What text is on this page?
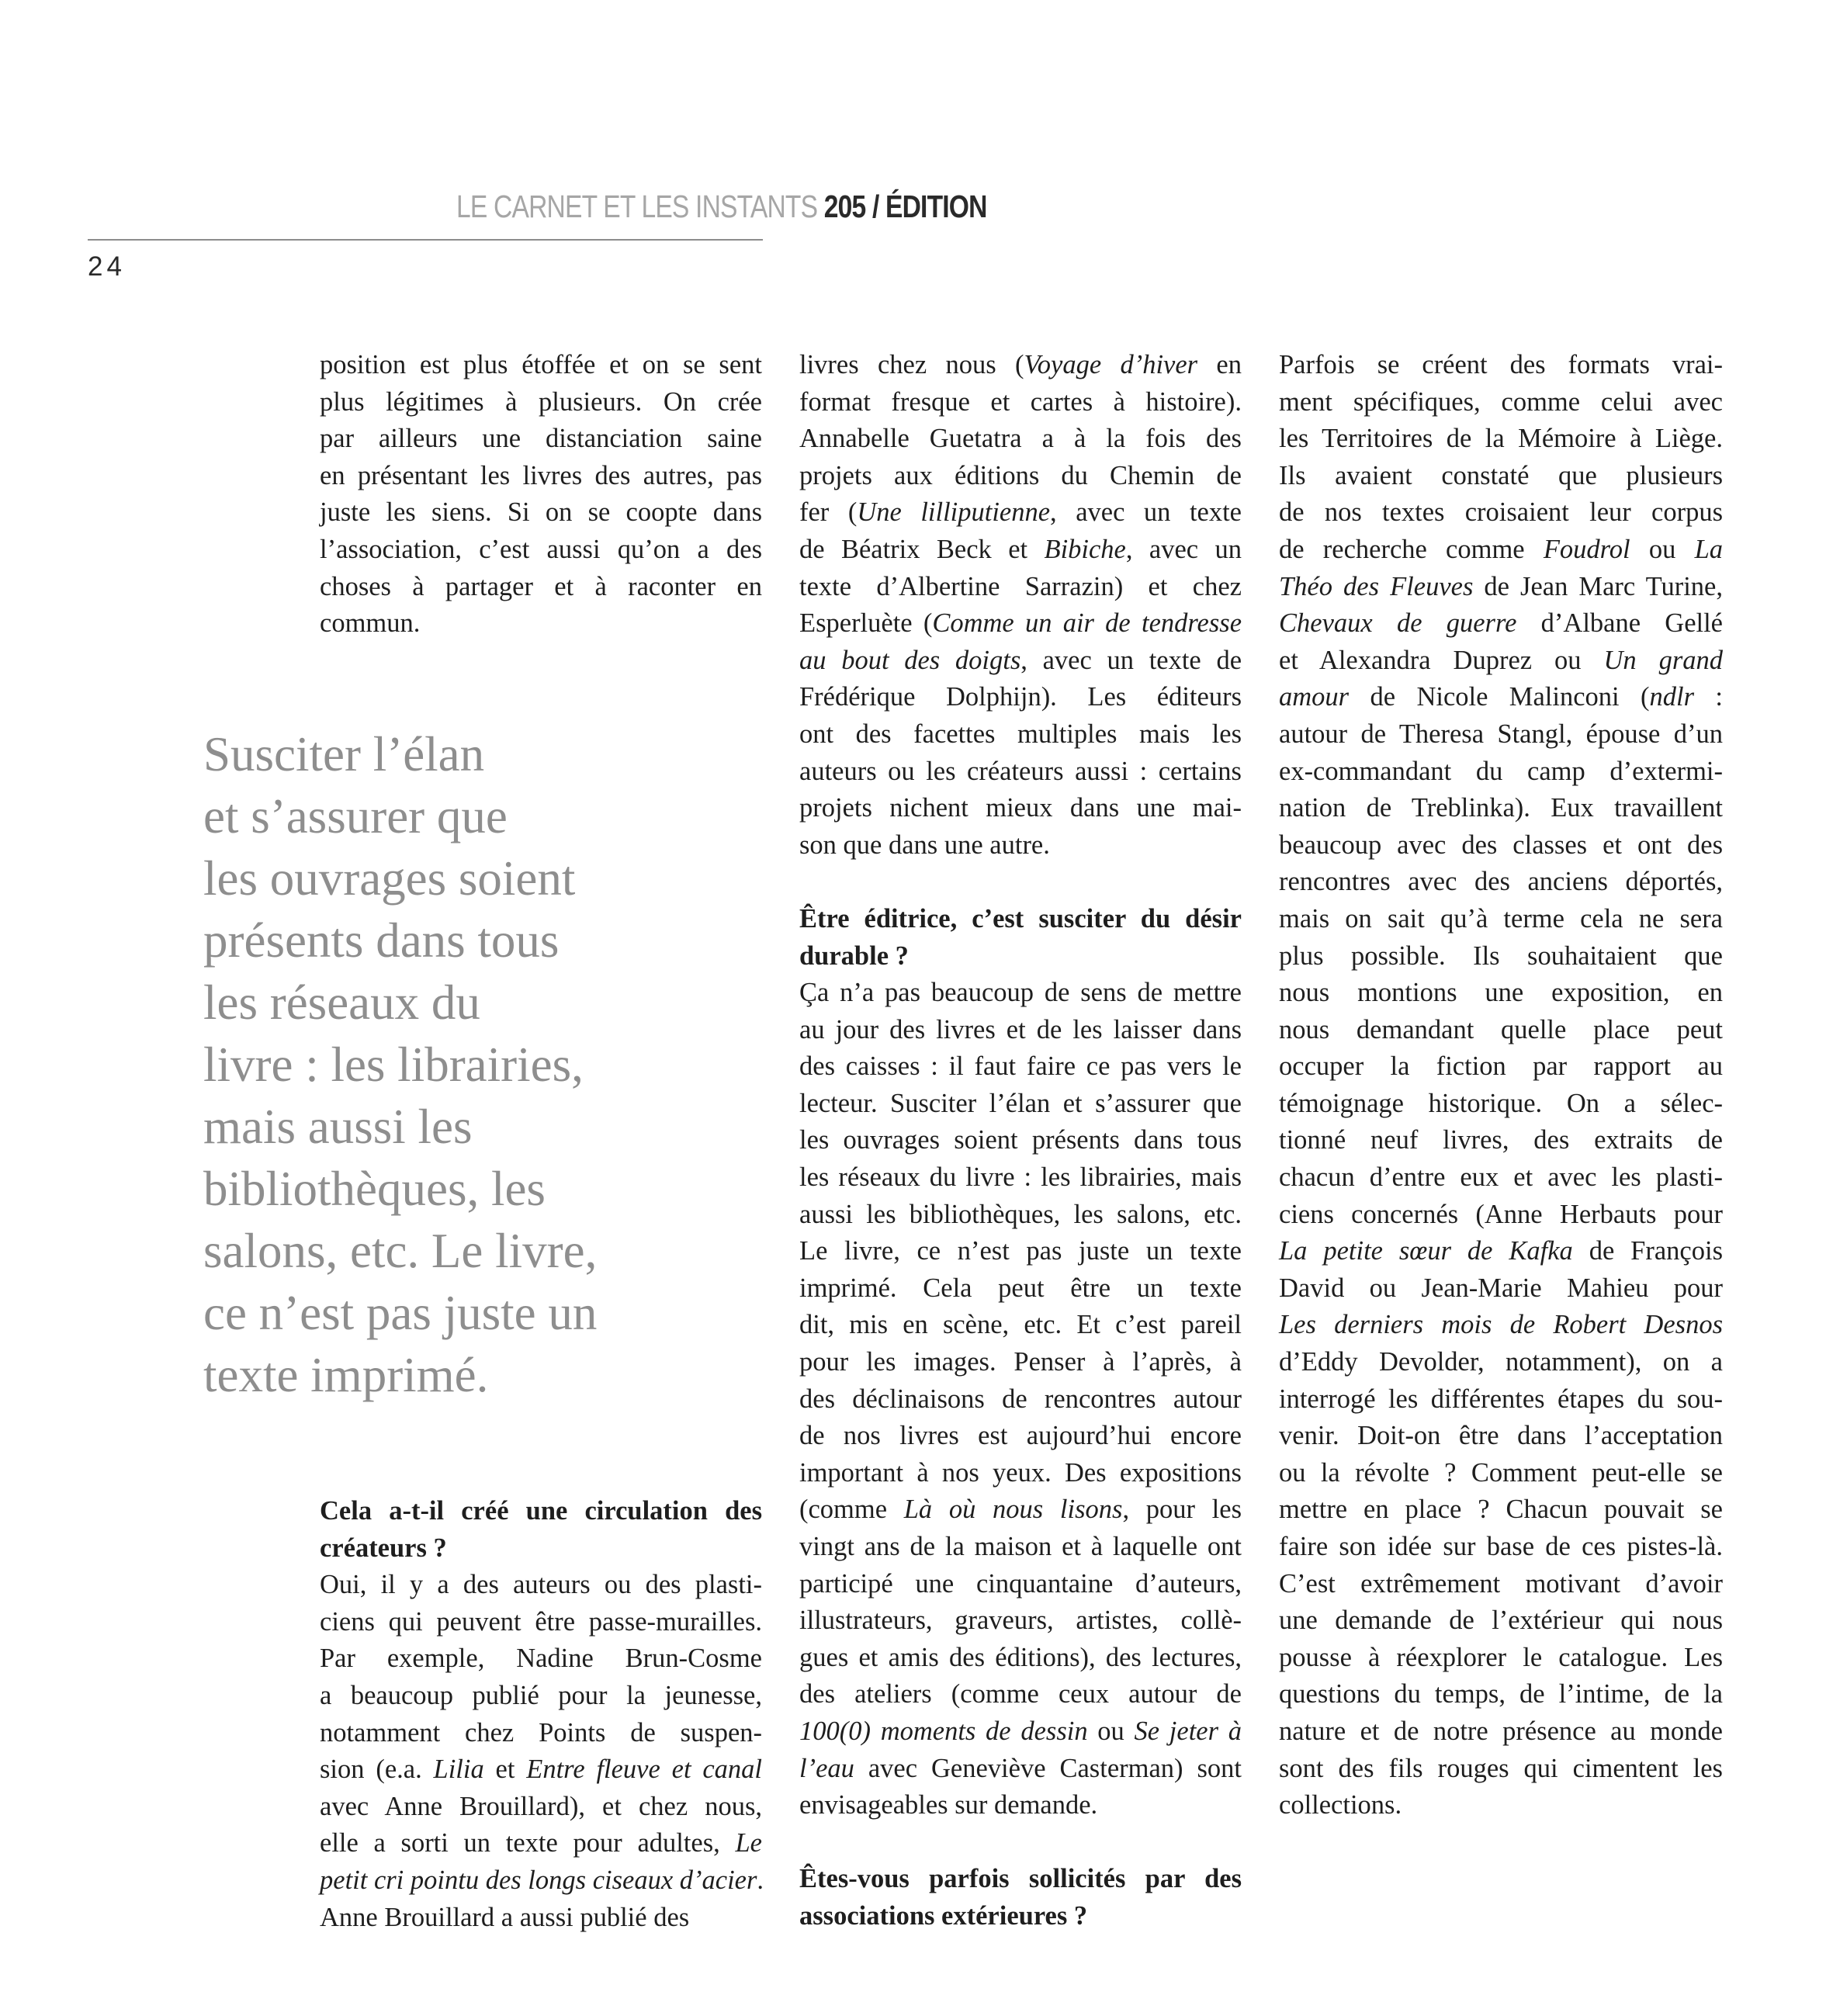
LE CARNET ET LES INSTANTS 205 / ÉDITION
24
position est plus étoffée et on se sent
plus légitimes à plusieurs. On crée
par ailleurs une distanciation saine
en présentant les livres des autres, pas
juste les siens. Si on se coopte dans
l’association, c’est aussi qu’on a des
choses à partager et à raconter en
commun.
Susciter l’élan
et s’assurer que
les ouvrages soient
présents dans tous
les réseaux du
livre : les librairies,
mais aussi les
bibliothèques, les
salons, etc. Le livre,
ce n’est pas juste un
texte imprimé.
Cela a-t-il créé une circulation des
créateurs ?
Oui, il y a des auteurs ou des plasti-
ciens qui peuvent être passe-murailles.
Par exemple, Nadine Brun-Cosme
a beaucoup publié pour la jeunesse,
notamment chez Points de suspen-
sion (e.a. Lilia et Entre fleuve et canal
avec Anne Brouillard), et chez nous,
elle a sorti un texte pour adultes, Le
petit cri pointu des longs ciseaux d’acier.
Anne Brouillard a aussi publié des
livres chez nous (Voyage d’hiver en
format fresque et cartes à histoire).
Annabelle Guetatra a à la fois des
projets aux éditions du Chemin de
fer (Une lilliputienne, avec un texte
de Béatrix Beck et Bibiche, avec un
texte d’Albertine Sarrazin) et chez
Esperluète (Comme un air de tendresse
au bout des doigts, avec un texte de
Frédérique Dolphijn). Les éditeurs
ont des facettes multiples mais les
auteurs ou les créateurs aussi : certains
projets nichent mieux dans une mai-
son que dans une autre.
Être éditrice, c’est susciter du désir
durable ?
Ça n’a pas beaucoup de sens de mettre
au jour des livres et de les laisser dans
des caisses : il faut faire ce pas vers le
lecteur. Susciter l’élan et s’assurer que
les ouvrages soient présents dans tous
les réseaux du livre : les librairies, mais
aussi les bibliothèques, les salons, etc.
Le livre, ce n’est pas juste un texte
imprimé. Cela peut être un texte
dit, mis en scène, etc. Et c’est pareil
pour les images. Penser à l’après, à
des déclinaisons de rencontres autour
de nos livres est aujourd’hui encore
important à nos yeux. Des expositions
(comme Là où nous lisons, pour les
vingt ans de la maison et à laquelle ont
participé une cinquantaine d’auteurs,
illustrateurs, graveurs, artistes, collè-
gues et amis des éditions), des lectures,
des ateliers (comme ceux autour de
100(0) moments de dessin ou Se jeter à
l’eau avec Geneviève Casterman) sont
envisageables sur demande.
Êtes-vous parfois sollicités par des
associations extérieures ?
Parfois se créent des formats vrai-
ment spécifiques, comme celui avec
les Territoires de la Mémoire à Liège.
Ils avaient constaté que plusieurs
de nos textes croisaient leur corpus
de recherche comme Foudrol ou La
Théo des Fleuves de Jean Marc Turine,
Chevaux de guerre d’Albane Gellé
et Alexandra Duprez ou Un grand
amour de Nicole Malinconi (ndlr :
autour de Theresa Stangl, épouse d’un
ex-commandant du camp d’extermi-
nation de Treblinka). Eux travaillent
beaucoup avec des classes et ont des
rencontres avec des anciens déportés,
mais on sait qu’à terme cela ne sera
plus possible. Ils souhaitaient que
nous montions une exposition, en
nous demandant quelle place peut
occuper la fiction par rapport au
témoignage historique. On a sélec-
tionné neuf livres, des extraits de
chacun d’entre eux et avec les plasti-
ciens concernés (Anne Herbauts pour
La petite sœur de Kafka de François
David ou Jean-Marie Mahieu pour
Les derniers mois de Robert Desnos
d’Eddy Devolder, notamment), on a
interrogé les différentes étapes du sou-
venir. Doit-on être dans l’acceptation
ou la révolte ? Comment peut-elle se
mettre en place ? Chacun pouvait se
faire son idée sur base de ces pistes-là.
C’est extrêmement motivant d’avoir
une demande de l’extérieur qui nous
pousse à réexplorer le catalogue. Les
questions du temps, de l’intime, de la
nature et de notre présence au monde
sont des fils rouges qui cimentent les
collections.
